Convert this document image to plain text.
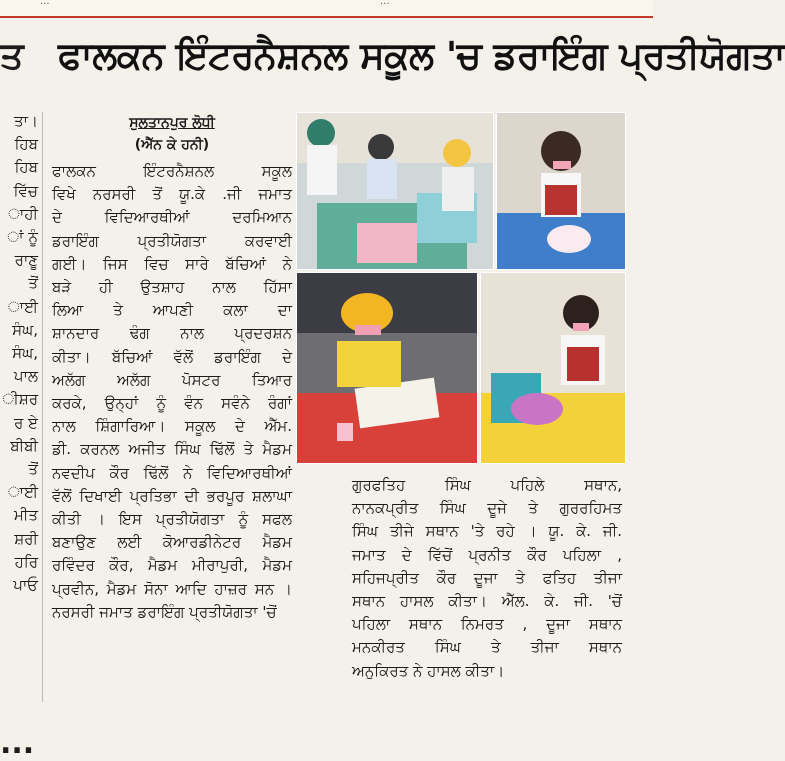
...	...
ਤ
ਤਾ।
ਹਿਬ
ਹਿਬ
ਵਿੱਚ
ਾਹੀ
ਾਂ ਨੂੰ
ਰਾਣੂ
ਤੋਂ
ਾਈ
ਸੰਘ,
ਸੰਘ,
ਪਾਲ
ੀਸ਼ਰ
ਰ ਏ
ਬੀਬੀ
ਤੋਂ
ਾਈ
ਮੀਤ
ਸ਼ਰੀ
ਹਰਿ
ਪਾਓ
ਫਾਲਕਨ ਇੰਟਰਨੈਸ਼ਨਲ ਸਕੂਲ 'ਚ ਡਰਾਇੰਗ ਪ੍ਰਤੀਯੋਗਤਾ
ਸੁਲਤਾਨਪੁਰ ਲੋਧੀ
(ਐੱਨ ਕੇ ਹਨੀ)
ਫਾਲਕਨ ਇੰਟਰਨੈਸ਼ਨਲ ਸਕੂਲ
ਵਿਖੇ ਨਰਸਰੀ ਤੋਂ ਯੂ.ਕੇ .ਜੀ ਜਮਾਤ
ਦੇ ਵਿਦਿਆਰਥੀਆਂ ਦਰਮਿਆਨ
ਡਰਾਇੰਗ ਪ੍ਰਤੀਯੋਗਤਾ ਕਰਵਾਈ
ਗਈ। ਜਿਸ ਵਿਚ ਸਾਰੇ ਬੱਚਿਆਂ ਨੇ
ਬੜੇ ਹੀ ਉਤਸ਼ਾਹ ਨਾਲ ਹਿੱਸਾ
ਲਿਆ ਤੇ ਆਪਣੀ ਕਲਾ ਦਾ
ਸ਼ਾਨਦਾਰ ਢੰਗ ਨਾਲ ਪ੍ਰਦਰਸ਼ਨ
ਕੀਤਾ। ਬੱਚਿਆਂ ਵੱਲੋਂ ਡਰਾਇੰਗ ਦੇ
ਅਲੱਗ ਅਲੱਗ ਪੋਸਟਰ ਤਿਆਰ
ਕਰਕੇ, ਉਨ੍ਹਾਂ ਨੂੰ ਵੰਨ ਸਵੰਨੇ ਰੰਗਾਂ
ਨਾਲ ਸ਼ਿੰਗਾਰਿਆ। ਸਕੂਲ ਦੇ ਐੱਮ.
ਡੀ. ਕਰਨਲ ਅਜੀਤ ਸਿੰਘ ਢਿੱਲੋਂ ਤੇ ਮੈਡਮ
ਨਵਦੀਪ ਕੌਰ ਢਿੱਲੋਂ ਨੇ ਵਿਦਿਆਰਥੀਆਂ
ਵੱਲੋਂ ਦਿਖਾਈ ਪ੍ਰਤਿਭਾ ਦੀ ਭਰਪੂਰ ਸ਼ਲਾਘਾ
ਕੀਤੀ । ਇਸ ਪ੍ਰਤੀਯੋਗਤਾ ਨੂੰ ਸਫਲ
ਬਣਾਉਣ ਲਈ ਕੋਆਰਡੀਨੇਟਰ ਮੈਡਮ
ਰਵਿੰਦਰ ਕੌਰ, ਮੈਡਮ ਮੀਰਾਪੁਰੀ, ਮੈਡਮ
ਪ੍ਰਵੀਨ, ਮੈਡਮ ਸੋਨਾ ਆਦਿ ਹਾਜ਼ਰ ਸਨ ।
ਨਰਸਰੀ ਜਮਾਤ ਡਰਾਇੰਗ ਪ੍ਰਤੀਯੋਗਤਾ 'ਚੋਂ
ਗੁਰਫਤਿਹ ਸਿੰਘ ਪਹਿਲੇ ਸਥਾਨ,
ਨਾਨਕਪ੍ਰੀਤ ਸਿੰਘ ਦੂਜੇ ਤੇ ਗੁਰਰਹਿਮਤ
ਸਿੰਘ ਤੀਜੇ ਸਥਾਨ 'ਤੇ ਰਹੇ । ਯੂ. ਕੇ. ਜੀ.
ਜਮਾਤ ਦੇ ਵਿੱਚੋਂ ਪ੍ਰਨੀਤ ਕੌਰ ਪਹਿਲਾ ,
ਸਹਿਜਪ੍ਰੀਤ ਕੌਰ ਦੂਜਾ ਤੇ ਫਤਿਹ ਤੀਜਾ
ਸਥਾਨ ਹਾਸਲ ਕੀਤਾ। ਐੱਲ. ਕੇ. ਜੀ. 'ਚੋਂ
ਪਹਿਲਾ ਸਥਾਨ ਨਿਮਰਤ , ਦੂਜਾ ਸਥਾਨ
ਮਨਕੀਰਤ ਸਿੰਘ ਤੇ ਤੀਜਾ ਸਥਾਨ
ਅਨੁਕਿਰਤ ਨੇ ਹਾਸਲ ਕੀਤਾ।
...
